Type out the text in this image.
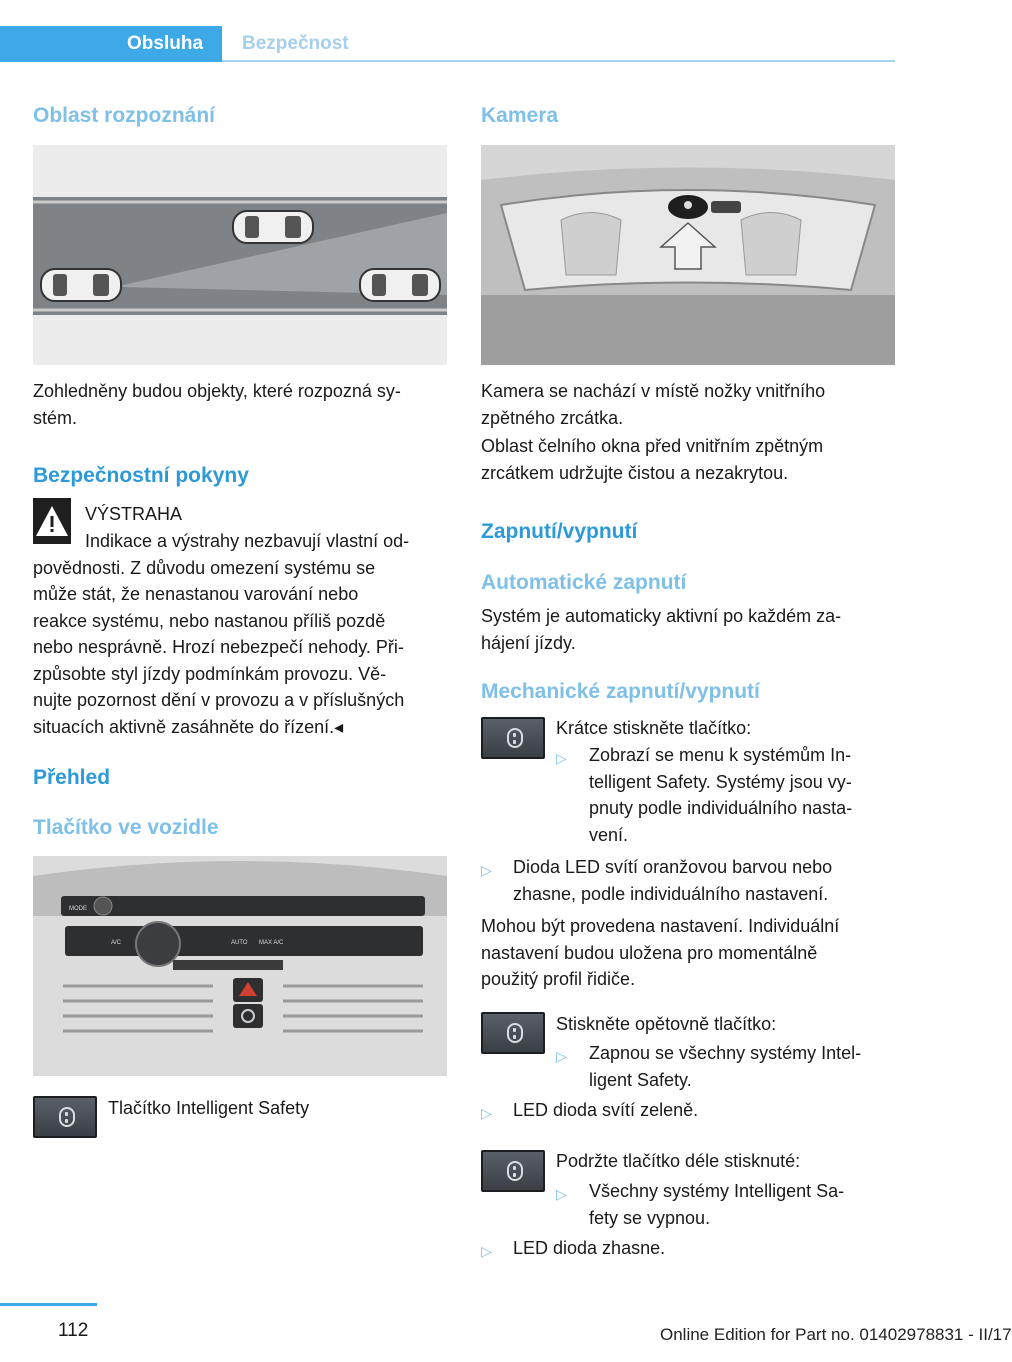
Obsluha	Bezpečnost
Oblast rozpoznání

Zohledněny budou objekty, které rozpozná sy‐
stém.

Bezpečnostní pokyny

VÝSTRAHA

Indikace a výstrahy nezbavují vlastní od‐
povědnosti. Z důvodu omezení systému se
může stát, že nenastanou varování nebo
reakce systému, nebo nastanou příliš pozdě
nebo nesprávně. Hrozí nebezpečí nehody. Při‐
způsobte styl jízdy podmínkám provozu. Vě‐
nujte pozornost dění v provozu a v příslušných
situacích aktivně zasáhněte do řízení.◂
Přehled
Tlačítko ve vozidle
MODE
A/C	AUTO MAX A/C

Tlačítko Intelligent Safety

Kamera
Kamera se nachází v místě nožky vnitřního
zpětného zrcátka.
Oblast čelního okna před vnitřním zpětným
zrcátkem udržujte čistou a nezakrytou.
Zapnutí/vypnutí
Automatické zapnutí
Systém je automaticky aktivní po každém za‐
hájení jízdy.
Mechanické zapnutí/vypnutí

Krátce stiskněte tlačítko:

▷ Zobrazí se menu k systémům In‐
telligent Safety. Systémy jsou vy‐
pnuty podle individuálního nasta‐
vení.
▷ Dioda LED svítí oranžovou barvou nebo
zhasne, podle individuálního nastavení.
Mohou být provedena nastavení. Individuální
nastavení budou uložena pro momentálně
použitý profil řidiče.

Stiskněte opětovně tlačítko:

▷ Zapnou se všechny systémy Intel‐
ligent Safety.
▷ LED dioda svítí zeleně.

Podržte tlačítko déle stisknuté:

▷ Všechny systémy Intelligent Sa‐
fety se vypnou.
▷ LED dioda zhasne.

112	Online Edition for Part no. 01402978831 - II/17
